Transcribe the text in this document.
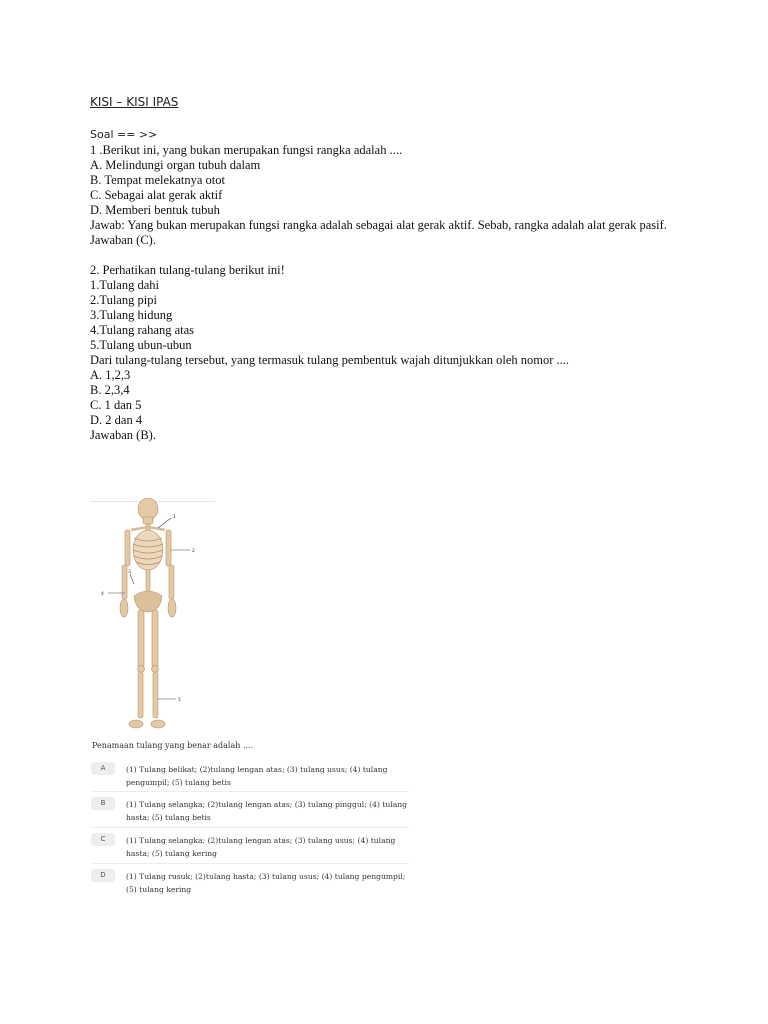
KISI – KISI IPAS
Soal == >>
1 .Berikut ini, yang bukan merupakan fungsi rangka adalah ....
A. Melindungi organ tubuh dalam
B. Tempat melekatnya otot
C. Sebagai alat gerak aktif
D. Memberi bentuk tubuh
Jawab: Yang bukan merupakan fungsi rangka adalah sebagai alat gerak aktif. Sebab, rangka adalah alat gerak pasif.
Jawaban (C).
2. Perhatikan tulang-tulang berikut ini!
1.Tulang dahi
2.Tulang pipi
3.Tulang hidung
4.Tulang rahang atas
5.Tulang ubun-ubun
Dari tulang-tulang tersebut, yang termasuk tulang pembentuk wajah ditunjukkan oleh nomor ....
A. 1,2,3
B. 2,3,4
C. 1 dan 5
D. 2 dan 4
Jawaban (B).
1
2
3
4
5
Penamaan tulang yang benar adalah ....
A	(1) Tulang belikat; (2)tulang lengan atas; (3) tulang usus; (4) tulang
pengumpil; (5) tulang betis
B	(1) Tulang selangka; (2)tulang lengan atas; (3) tulang pinggul; (4) tulang
hasta; (5) tulang betis
C	(1) Tulang selangka; (2)tulang lengan atas; (3) tulang usus; (4) tulang
hasta; (5) tulang kering
D	(1) Tulang rusuk; (2)tulang hasta; (3) tulang usus; (4) tulang pengumpil;
(5) tulang kering
